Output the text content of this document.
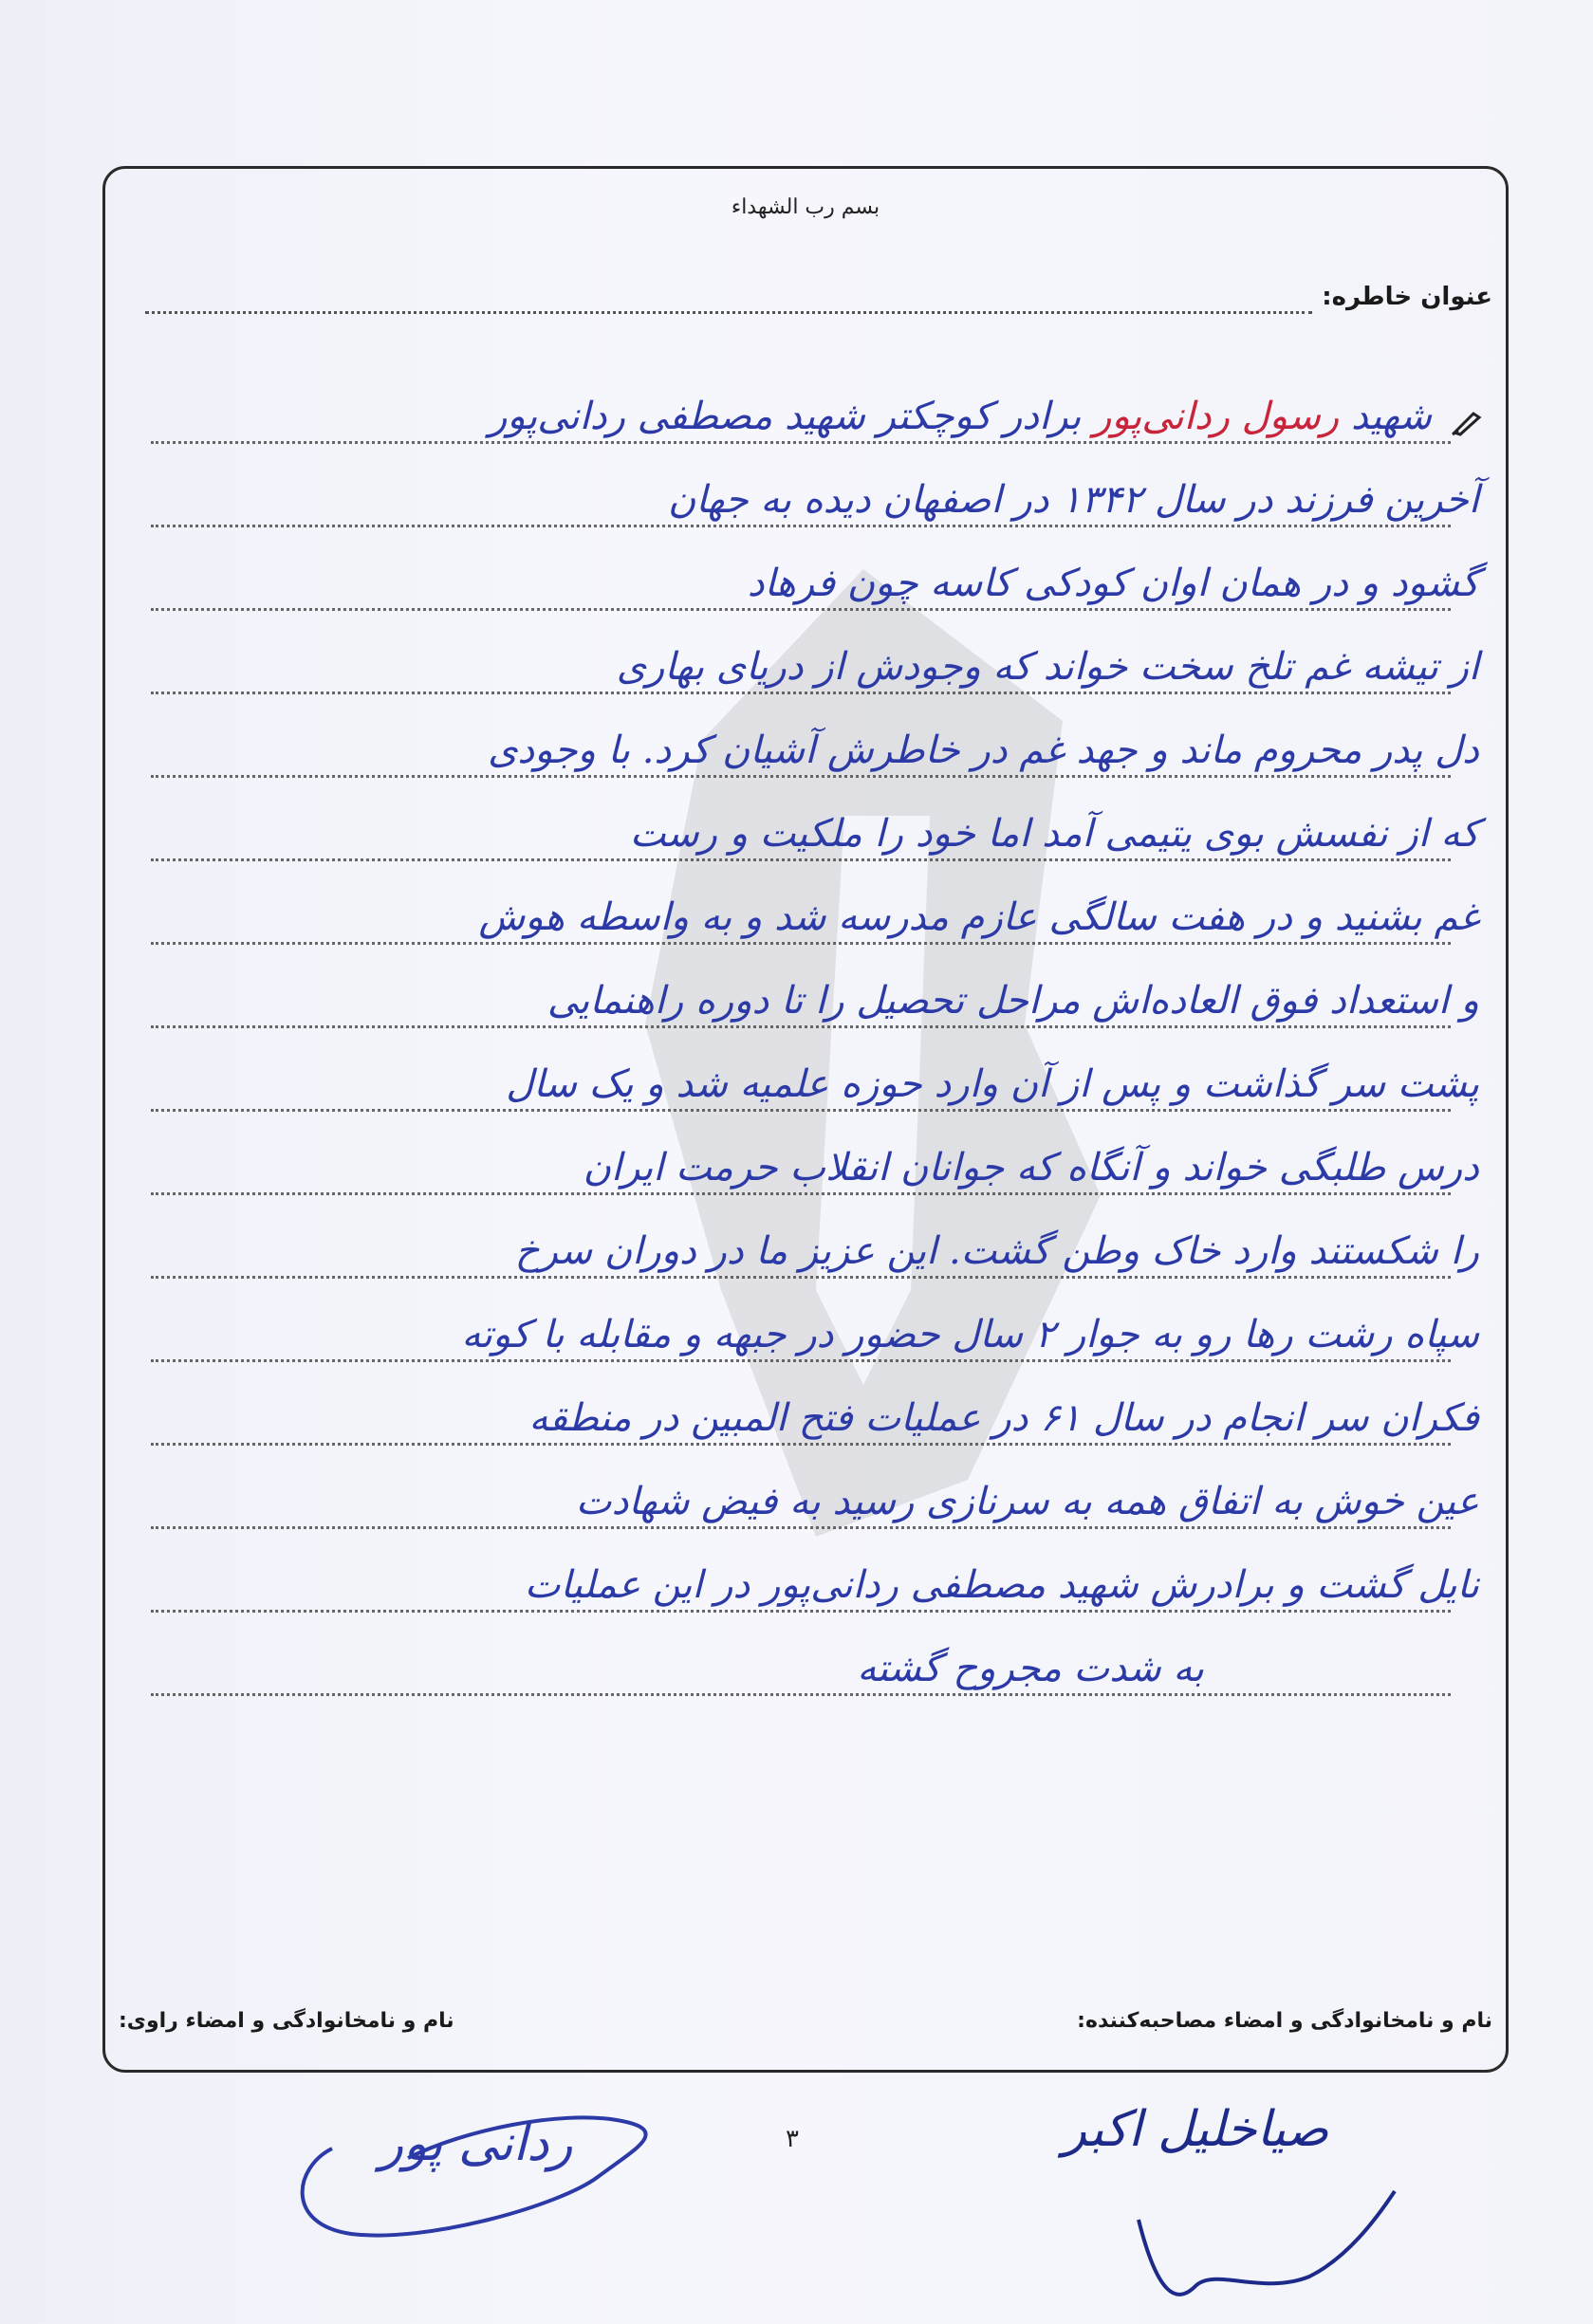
بسم رب الشهداء
عنوان خاطره:
شهید رسول ردانی‌پور برادر کوچکتر شهید مصطفی ردانی‌پور
آخرین فرزند در سال ۱۳۴۲ در اصفهان دیده به جهان
گشود و در همان اوان کودکی کاسه چون فرهاد
از تیشه غم تلخ سخت خواند که وجودش از دریای بهاری
دل پدر محروم ماند و جهد غم در خاطرش آشیان کرد. با وجودی
که از نفسش بوی یتیمی آمد اما خود را ملکیت و رست
غم بشنید و در هفت سالگی عازم مدرسه شد و به واسطه هوش
و استعداد فوق العاده‌اش مراحل تحصیل را تا دوره راهنمایی
پشت سر گذاشت و پس از آن وارد حوزه علمیه شد و یک سال
درس طلبگی خواند و آنگاه که جوانان انقلاب حرمت ایران
را شکستند وارد خاک وطن گشت. این عزیز ما در دوران سرخ
سپاه رشت رها رو به جوار ۲ سال حضور در جبهه و مقابله با کوته
فکران سر انجام در سال ۶۱ در عملیات فتح المبین در منطقه
عین خوش به اتفاق همه به سرنازی رسید به فیض شهادت
نایل گشت و برادرش شهید مصطفی ردانی‌پور در این عملیات
به شدت مجروح گشته
نام و نامخانوادگی و امضاء مصاحبه‌کننده:
نام و نامخانوادگی و امضاء راوی:
۳
ردانی پور	صیاخلیل اکبر
